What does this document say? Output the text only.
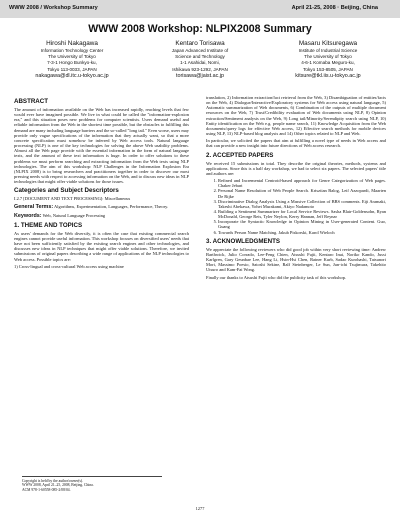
WWW 2008 / Workshop Summary	April 21-25, 2008 · Beijing, China
WWW 2008 Workshop: NLPIX2008 Summary
Hiroshi Nakagawa
Information Technology Center
The University of Tokyo
7-3-1 Hongo Bunkyo-ku,
Tokyo 113-0033, JAPAN
nakagawa@dl.itc.u-tokyo.ac.jp
Kentaro Torisawa
Japan Advanced Institute of
Science and Technology
1-1 Asahidai, Nomi,
Ishikawa 923-1292, JAPAN
torisawa@jaist.ac.jp
Masaru Kitsuregawa
Institute of Industrial Science
The University of Tokyo
4-6-1 Komaba Meguro-ku,
Tokyo 153-8505, JAPAN
kitsure@tkl.iis.u-tokyo.ac.jp
ABSTRACT

The amount of information available on the Web has increased rapidly, reaching levels that few would ever have imagined possible. We live in what could be called the "information-explosion era," and this situation poses new problems for computer scientists. Users demand useful and reliable information from the Web in the shortest time possible, but the obstacles to fulfilling this demand are many including language barriers and the so-called "long tail." Even worse, users may provide only vague specifications of the information that they actually want, so that a more concrete specification must somehow be inferred by Web access tools. Natural language processing (NLP) is one of the key technologies for solving the above Web usability problems. Almost all the Web page provide with the essential information in the form of natural language texts, and the amount of these text information is huge. In order to offer solutions to these problems we must perform searching and extracting information from the Web texts using NLP technologies. The aim of this workshop: NLP Challenges in the Information Explosion Era (NLPIX 2008) is to bring researchers and practitioners together in order to discover our most pressing needs with respect to accessing information on the Web, and to discuss new ideas in NLP technologies that might offer viable solutions for those issues.

Categories and Subject Descriptors

I.2.7 [DOCUMENT AND TEXT PROCESSING]: Miscellaneous

General Terms: Algorithms, Experimentation, Languages, Performance, Theory.

Keywords: Web, Natural Language Processing

1. THEME AND TOPICS

As users' demands for the Web diversify, it is often the case that existing commercial search engines cannot provide useful information. This workshop focuses on diversified users' needs that have not been sufficiently satisfied by the existing search engines and other technologies, and discusses new ideas in NLP techniques that might offer viable solutions. Therefore, we invited submissions of original papers describing a wide range of applications of the NLP technologies to Web access. Possible topics are:

1) Cross-lingual and cross-cultural Web access using machine

translation, 2) Information extraction/fact retrieval from the Web, 3) Disambiguation of entities/facts on the Web, 4) Dialogue/Interactive/Exploratory systems for Web access using natural language, 5) Automatic summarization of Web documents, 6) Combination of the outputs of multiple document resources on the Web, 7) Trust/Credibility evaluation of Web documents using NLP, 8) Opinion extraction/Sentiment analysis on the Web, 9) Long tail/Minority/Serendipity search using NLP, 10) Entity identification on the Web e.g. people name search, 11) Knowledge Acquisition from the Web documents/query logs for effective Web access, 12) Effective search methods for mobile devices using NLP, 13) NLP-based blog analysis and 14) Other topics related to NLP and Web.

In particular, we solicited the papers that aim at fulfilling a novel type of needs in Web access and that can provide a new insight into future directions of Web access research.

2. ACCEPTED PAPERS

We received 15 submissions in total. They describe the original theories, methods, systems and applications. Since this is a half day workshop, we had to select six papers. The selected papers' title and authors are:

1. Refined and Incremental Centroid-based approach for Genre Categorization of Web pages. Chaker Jebari
2. Personal Name Resolution of Web People Search. Krisztian Balog, Leif Azzopardi, Maarten De Rijke
3. Discriminative Dialog Analysis Using a Massive Collection of BBS comments. Eiji Aramaki, Takeshi Abekawa, Yohei Murakami, Akiyo Nadamoto
4. Building a Sentiment Summarizer for Local Service Reviews. Sasha Blair-Goldensohn, Ryan McDonald, George Reis, Tyler Neylon, Kerry Hannan, Jeff Reynar
5. Incorporate the Syntactic Knowledge in Opinion Mining in User-generated Content. Guo, Guang
6. Towards Person Name Matching. Jakub Piskorski, Karol Wieloch
3. ACKNOWLEDGMENTS

We appreciate the following reviewers who did good job within very short reviewing time: Andrew Barthwick, Julio Corrado, Lee-Feng Chien, Atsushi Fujii, Kentaro Inui, Noriko Kando, Jussi Karlgren, Gary Geunbae Lee, Hang Li, Hsin-Hsi Chen, Rainer Kurb, Sadao Kurohashi, Tatsunori Mori, Massimo Poesio, Satoshi Sekine, Ralf Steinberger, Le Sun, Jun-ichi Tsujimura, Takehito Utsuro and Kam-Fai Wong.

Finally our thanks to Atsushi Fujii who did the publicity task of this workshop.

Copyright is held by the author/owner(s).
WWW 2008, April 21–25, 2008, Beijing, China.
ACM 978-1-60558-085-2/08/04.
1277
